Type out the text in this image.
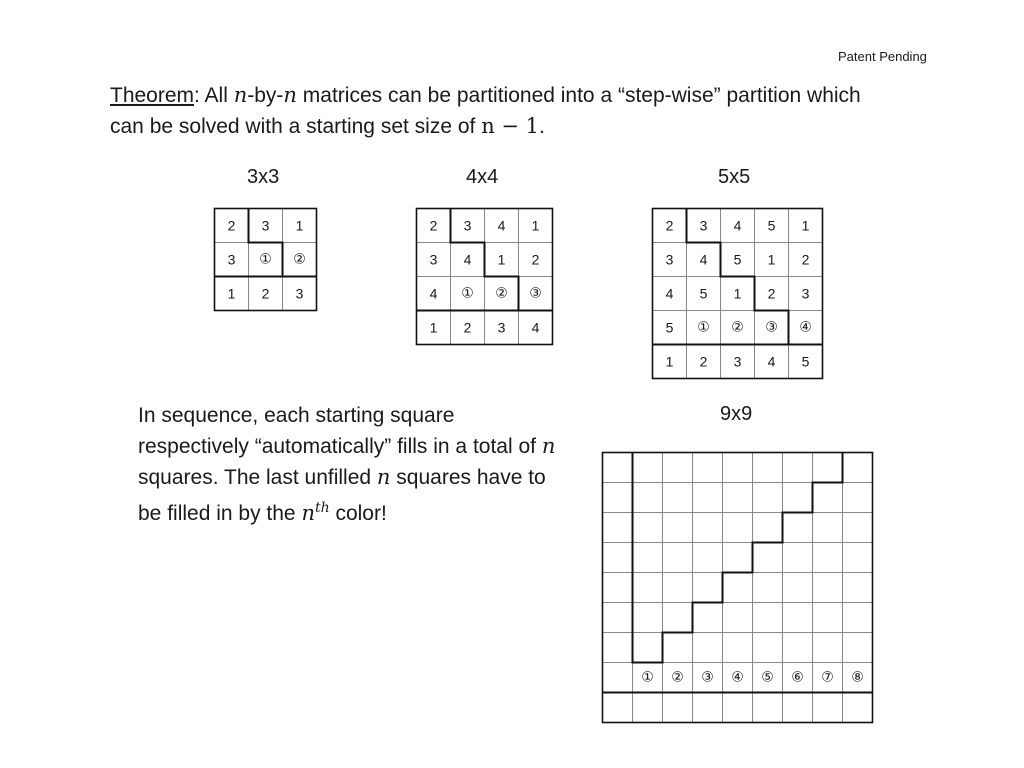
Patent Pending
Theorem: All n-by-n matrices can be partitioned into a “step-wise” partition which can be solved with a starting set size of n − 1.
3x3	4x4	5x5
9x9
2 3 1
3 ① ②
1 2 3
2 3 4 1
3 4 1 2
4 ① ② ③
1 2 3 4
2 3 4 5 1
3 4 5 1 2
4 5 1 2 3
5 ① ② ③ ④
1 2 3 4 5
① ② ③ ④ ⑤ ⑥ ⑦ ⑧
In sequence, each starting square respectively “automatically” fills in a total of n squares. The last unfilled n squares have to be filled in by the $n^{th}$ color!
